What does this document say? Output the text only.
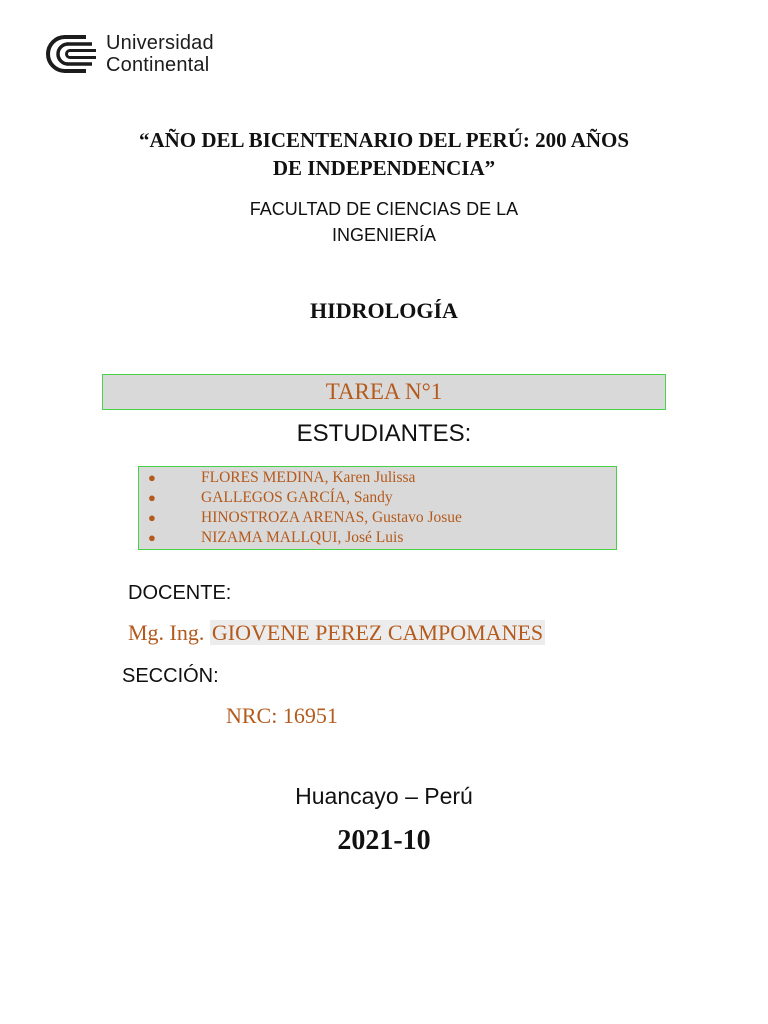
Universidad
Continental
“AÑO DEL BICENTENARIO DEL PERÚ: 200 AÑOS
DE INDEPENDENCIA”
FACULTAD DE CIENCIAS DE LA
INGENIERÍA
HIDROLOGÍA
TAREA N°1
ESTUDIANTES:
●	FLORES MEDINA, Karen Julissa
●	GALLEGOS GARCÍA, Sandy
●	HINOSTROZA ARENAS, Gustavo Josue
●	NIZAMA MALLQUI, José Luis
DOCENTE:
Mg. Ing. GIOVENE PEREZ CAMPOMANES
SECCIÓN:
NRC: 16951
Huancayo – Perú
2021-10
